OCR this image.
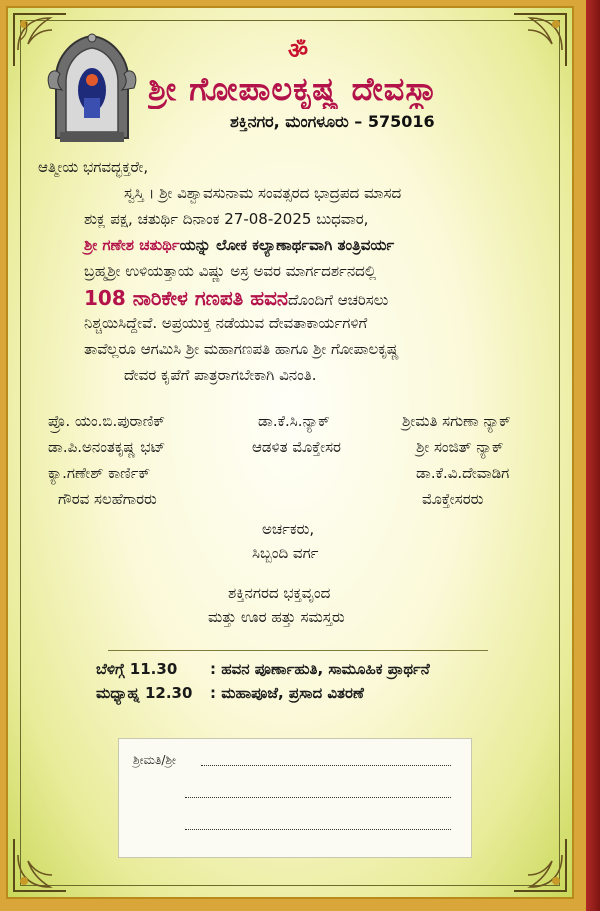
ॐ
ಶ್ರೀ ಗೋಪಾಲಕೃಷ್ಣ ದೇವಸ್ಥಾ
ಶಕ್ತಿನಗರ, ಮಂಗಳೂರು – 575016
ಆತ್ಮೀಯ ಭಗವದ್ಭಕ್ತರೇ,
ಸ್ವಸ್ತಿ । ಶ್ರೀ ವಿಶ್ವಾವಸುನಾಮ ಸಂವತ್ಸರದ ಭಾದ್ರಪದ ಮಾಸದ
ಶುಕ್ಲ ಪಕ್ಷ, ಚತುರ್ಥಿ ದಿನಾಂಕ 27-08-2025 ಬುಧವಾರ,
ಶ್ರೀ ಗಣೇಶ ಚತುರ್ಥಿಯನ್ನು ಲೋಕ ಕಲ್ಯಾಣಾರ್ಥವಾಗಿ ತಂತ್ರಿವರ್ಯ
ಬ್ರಹ್ಮಶ್ರೀ ಉಳಿಯತ್ತಾಯ ವಿಷ್ಣು ಅಸ್ರ ಅವರ ಮಾರ್ಗದರ್ಶನದಲ್ಲಿ
108 ನಾರಿಕೇಳ ಗಣಪತಿ ಹವನದೊಂದಿಗೆ ಆಚರಿಸಲು
ನಿಶ್ಚಯಿಸಿದ್ದೇವೆ. ಅಪ್ರಯುಕ್ತ ನಡೆಯುವ ದೇವತಾಕಾರ್ಯಗಳಿಗೆ
ತಾವೆಲ್ಲರೂ ಆಗಮಿಸಿ ಶ್ರೀ ಮಹಾಗಣಪತಿ ಹಾಗೂ ಶ್ರೀ ಗೋಪಾಲಕೃಷ್ಣ
ದೇವರ ಕೃಪೆಗೆ ಪಾತ್ರರಾಗಬೇಕಾಗಿ ವಿನಂತಿ.
ಪ್ರೊ. ಯಂ.ಬಿ.ಪುರಾಣಿಕ್
ಡಾ.ಪಿ.ಅನಂತಕೃಷ್ಣ ಭಟ್
ಕ್ಯಾ.ಗಣೇಶ್ ಕಾರ್ಣಿಕ್
ಗೌರವ ಸಲಹೆಗಾರರು
ಡಾ.ಕೆ.ಸಿ.ನ್ಯಾಕ್
ಆಡಳಿತ ಮೊಕ್ತೇಸರ
ಶ್ರೀಮತಿ ಸಗುಣಾ ನ್ಯಾಕ್
ಶ್ರೀ ಸಂಜಿತ್ ನ್ಯಾಕ್
ಡಾ.ಕೆ.ವಿ.ದೇವಾಡಿಗ
ಮೊಕ್ತೇಸರರು
ಅರ್ಚಕರು,
ಸಿಬ್ಬಂದಿ ವರ್ಗ
ಶಕ್ತಿನಗರದ ಭಕ್ತವೃಂದ
ಮತ್ತು ಊರ ಹತ್ತು ಸಮಸ್ತರು
ಬೆಳಿಗ್ಗೆ 11.30 : ಹವನ ಪೂರ್ಣಾಹುತಿ, ಸಾಮೂಹಿಕ ಪ್ರಾರ್ಥನೆ
ಮಧ್ಯಾಹ್ನ 12.30 : ಮಹಾಪೂಜೆ, ಪ್ರಸಾದ ವಿತರಣೆ
ಶ್ರೀಮತಿ/ಶ್ರೀ
